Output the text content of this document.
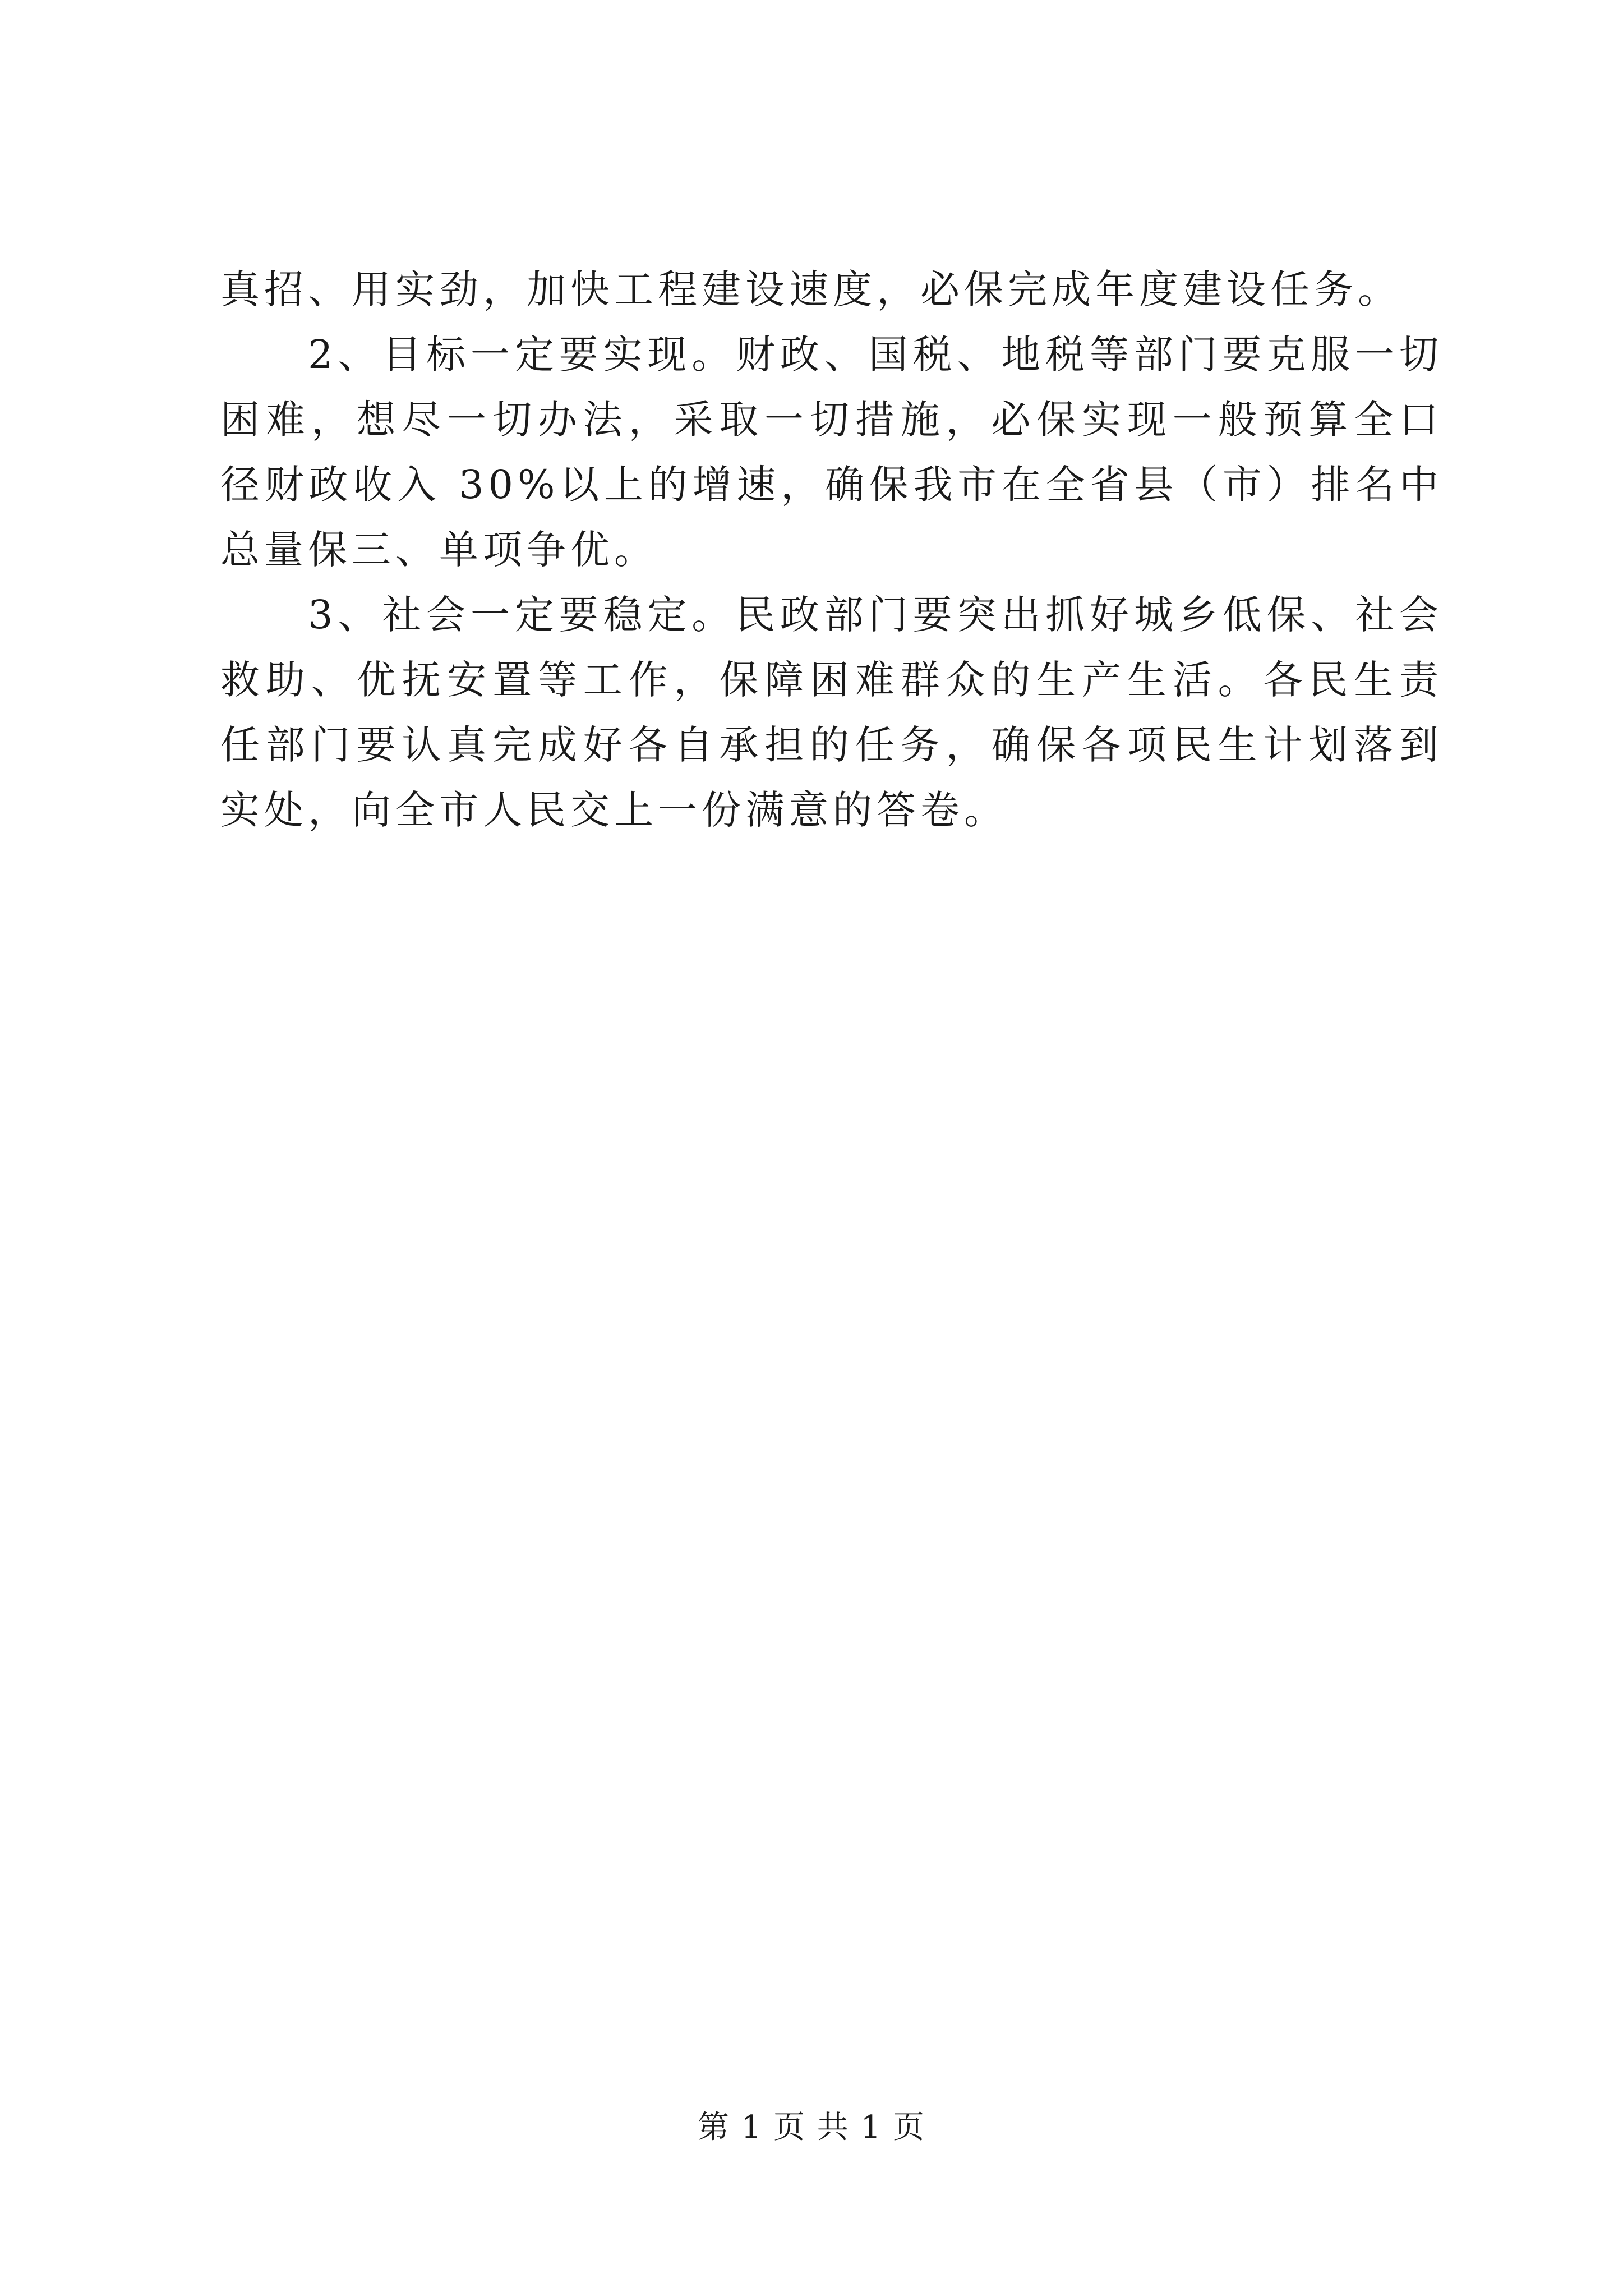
真招、用实劲，加快工程建设速度，必保完成年度建设任务。

2、目标一定要实现。财政、国税、地税等部门要克服一切困难，想尽一切办法，采取一切措施，必保实现一般预算全口径财政收入 30%以上的增速，确保我市在全省县（市）排名中总量保三、单项争优。

3、社会一定要稳定。民政部门要突出抓好城乡低保、社会救助、优抚安置等工作，保障困难群众的生产生活。各民生责任部门要认真完成好各自承担的任务，确保各项民生计划落到实处，向全市人民交上一份满意的答卷。

第 1 页 共 1 页
